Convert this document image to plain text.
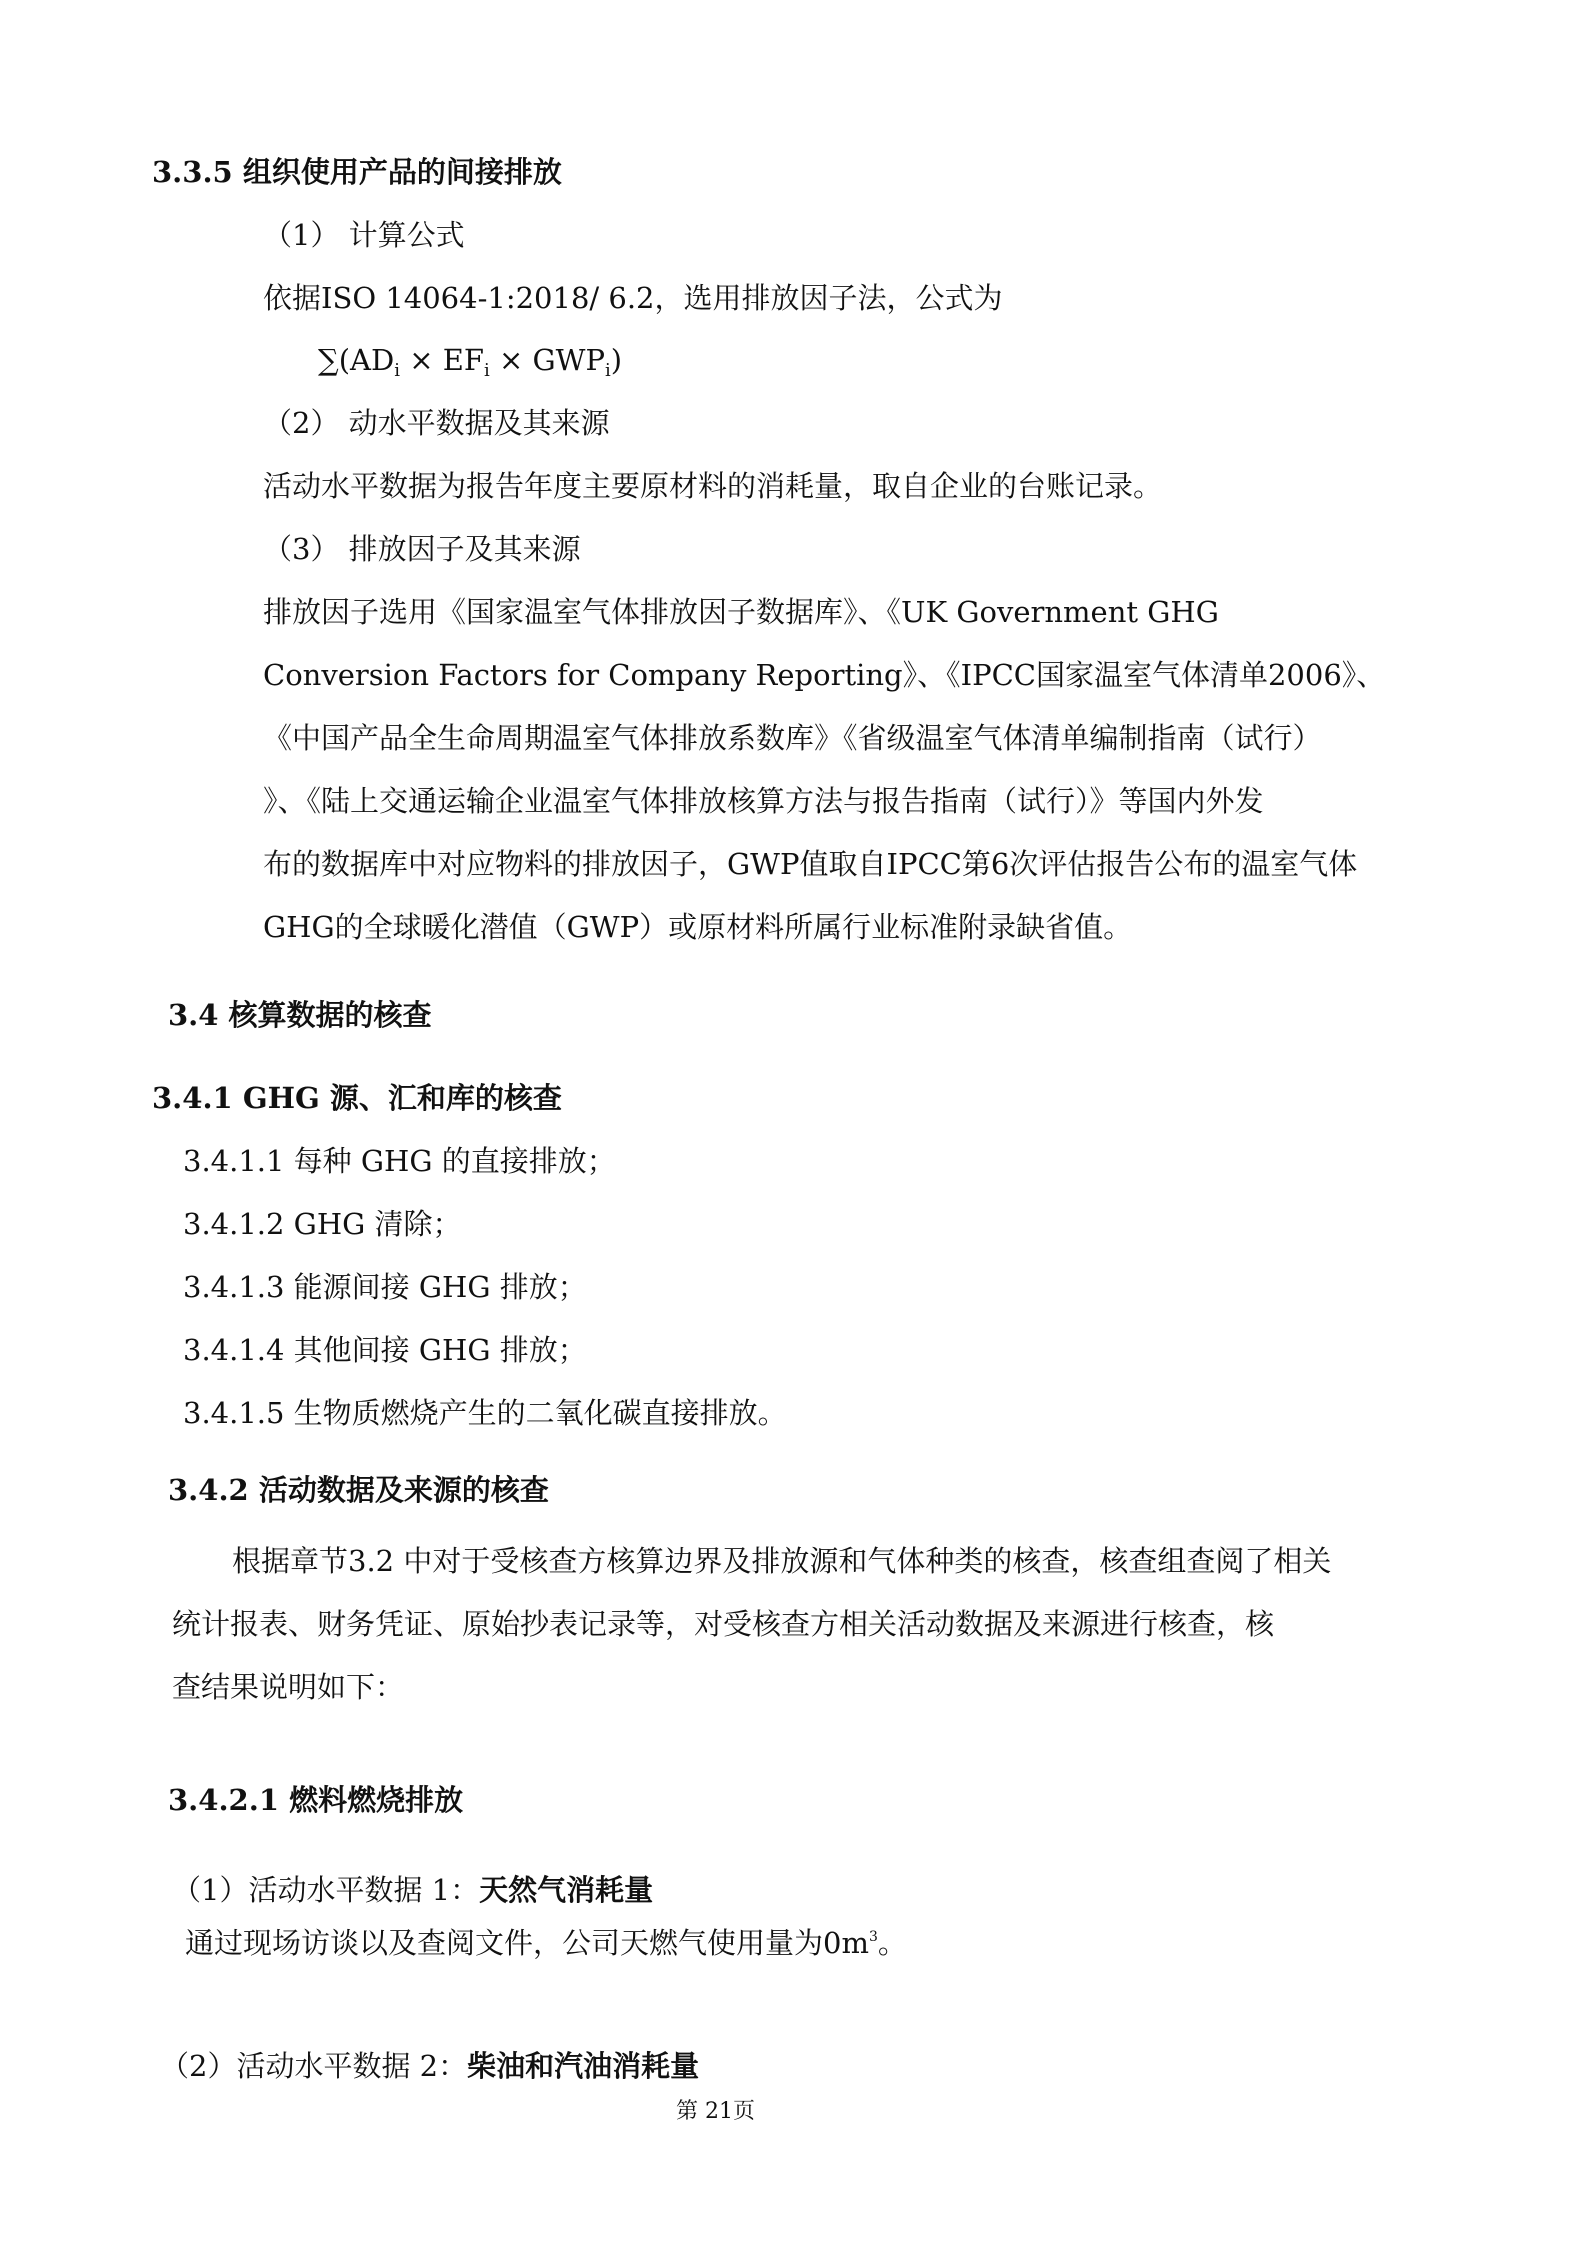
3.3.5 组织使用产品的间接排放
（1） 计算公式
依据ISO 14064-1:2018/ 6.2，选用排放因子法，公式为
$\sum(AD_i \times EF_i \times GWP_i)$
（2） 动水平数据及其来源
活动水平数据为报告年度主要原材料的消耗量，取自企业的台账记录。
（3） 排放因子及其来源
排放因子选用《国家温室气体排放因子数据库》、《UK Government GHG
Conversion Factors for Company Reporting》、《IPCC国家温室气体清单2006》、
《中国产品全生命周期温室气体排放系数库》《省级温室气体清单编制指南（试行）
》、《陆上交通运输企业温室气体排放核算方法与报告指南（试行）》等国内外发
布的数据库中对应物料的排放因子，GWP值取自IPCC第6次评估报告公布的温室气体
GHG的全球暖化潜值（GWP）或原材料所属行业标准附录缺省值。
3.4 核算数据的核查
3.4.1 GHG 源、汇和库的核查
3.4.1.1 每种 GHG 的直接排放；
3.4.1.2 GHG 清除；
3.4.1.3 能源间接 GHG 排放；
3.4.1.4 其他间接 GHG 排放；
3.4.1.5 生物质燃烧产生的二氧化碳直接排放。
3.4.2 活动数据及来源的核查
根据章节3.2 中对于受核查方核算边界及排放源和气体种类的核查，核查组查阅了相关
统计报表、财务凭证、原始抄表记录等，对受核查方相关活动数据及来源进行核查，核
查结果说明如下：
3.4.2.1 燃料燃烧排放
（1）活动水平数据 1：天然气消耗量
通过现场访谈以及查阅文件，公司天燃气使用量为$0m^3$。
（2）活动水平数据 2：柴油和汽油消耗量
第 21页
